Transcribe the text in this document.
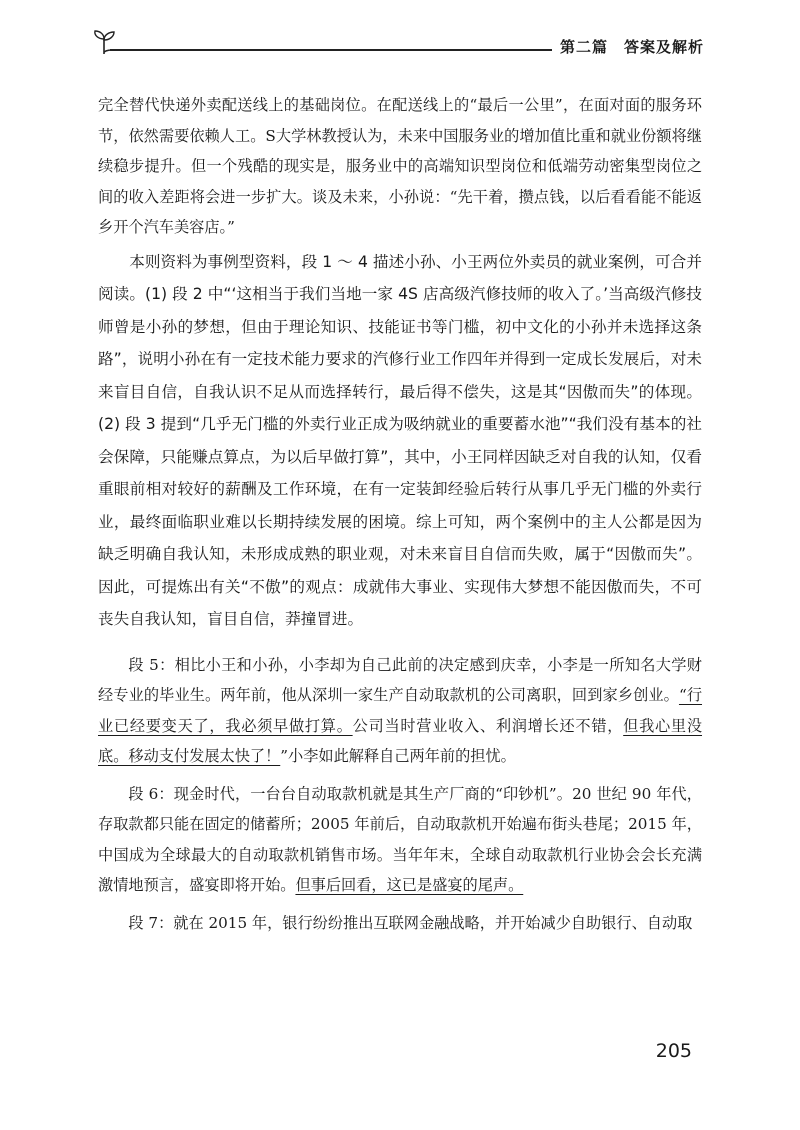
第二篇　答案及解析

完全替代快递外卖配送线上的基础岗位。在配送线上的“最后一公里”，在面对面的服务环节，依然需要依赖人工。S大学林教授认为，未来中国服务业的增加值比重和就业份额将继续稳步提升。但一个残酷的现实是，服务业中的高端知识型岗位和低端劳动密集型岗位之间的收入差距将会进一步扩大。谈及未来，小孙说：“先干着，攒点钱，以后看看能不能返乡开个汽车美容店。”

本则资料为事例型资料，段 1 ～ 4 描述小孙、小王两位外卖员的就业案例，可合并阅读。(1) 段 2 中“‘这相当于我们当地一家 4S 店高级汽修技师的收入了。’当高级汽修技师曾是小孙的梦想，但由于理论知识、技能证书等门槛，初中文化的小孙并未选择这条路”，说明小孙在有一定技术能力要求的汽修行业工作四年并得到一定成长发展后，对未来盲目自信，自我认识不足从而选择转行，最后得不偿失，这是其“因傲而失”的体现。(2) 段 3 提到“几乎无门槛的外卖行业正成为吸纳就业的重要蓄水池”“我们没有基本的社会保障，只能赚点算点，为以后早做打算”，其中，小王同样因缺乏对自我的认知，仅看重眼前相对较好的薪酬及工作环境，在有一定装卸经验后转行从事几乎无门槛的外卖行业，最终面临职业难以长期持续发展的困境。综上可知，两个案例中的主人公都是因为缺乏明确自我认知，未形成成熟的职业观，对未来盲目自信而失败，属于“因傲而失”。因此，可提炼出有关“不傲”的观点：成就伟大事业、实现伟大梦想不能因傲而失，不可丧失自我认知，盲目自信，莽撞冒进。

段 5：相比小王和小孙，小李却为自己此前的决定感到庆幸，小李是一所知名大学财经专业的毕业生。两年前，他从深圳一家生产自动取款机的公司离职，回到家乡创业。“行业已经要变天了，我必须早做打算。公司当时营业收入、利润增长还不错，但我心里没底。移动支付发展太快了！”小李如此解释自己两年前的担忧。

段 6：现金时代，一台台自动取款机就是其生产厂商的“印钞机”。20 世纪 90 年代，存取款都只能在固定的储蓄所；2005 年前后，自动取款机开始遍布街头巷尾；2015 年，中国成为全球最大的自动取款机销售市场。当年年末，全球自动取款机行业协会会长充满激情地预言，盛宴即将开始。但事后回看，这已是盛宴的尾声。

段 7：就在 2015 年，银行纷纷推出互联网金融战略，并开始减少自助银行、自动取

205
